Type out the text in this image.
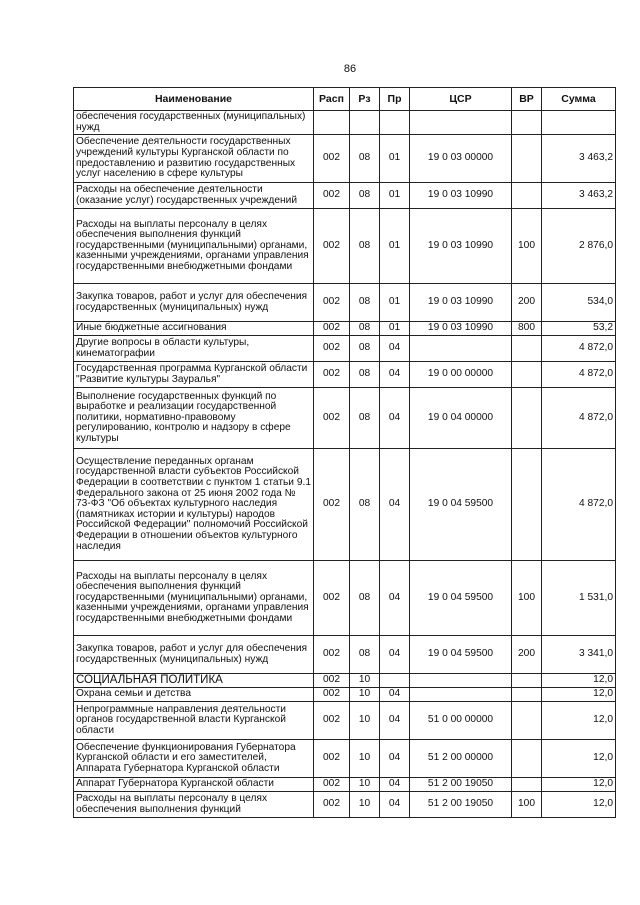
86
Наименование	Расп	Рз	Пр	ЦСР	ВР	Сумма
обеспечения государственных (муниципальных) нужд						
Обеспечение деятельности государственных учреждений культуры Курганской области по предоставлению и развитию государственных услуг населению в сфере культуры	002	08	01	19 0 03 00000		3 463,2
Расходы на обеспечение деятельности (оказание услуг) государственных учреждений	002	08	01	19 0 03 10990		3 463,2
Расходы на выплаты персоналу в целях обеспечения выполнения функций государственными (муниципальными) органами, казенными учреждениями, органами управления государственными внебюджетными фондами	002	08	01	19 0 03 10990	100	2 876,0
Закупка товаров, работ и услуг для обеспечения государственных (муниципальных) нужд	002	08	01	19 0 03 10990	200	534,0
Иные бюджетные ассигнования	002	08	01	19 0 03 10990	800	53,2
Другие вопросы в области культуры, кинематографии	002	08	04			4 872,0
Государственная программа Курганской области "Развитие культуры Зауралья"	002	08	04	19 0 00 00000		4 872,0
Выполнение государственных функций по выработке и реализации государственной политики, нормативно-правовому регулированию, контролю и надзору в сфере культуры	002	08	04	19 0 04 00000		4 872,0
Осуществление переданных органам государственной власти субъектов Российской Федерации в соответствии с пунктом 1 статьи 9.1 Федерального закона от 25 июня 2002 года № 73-ФЗ "Об объектах культурного наследия (памятниках истории и культуры) народов Российской Федерации" полномочий Российской Федерации в отношении объектов культурного наследия	002	08	04	19 0 04 59500		4 872,0
Расходы на выплаты персоналу в целях обеспечения выполнения функций государственными (муниципальными) органами, казенными учреждениями, органами управления государственными внебюджетными фондами	002	08	04	19 0 04 59500	100	1 531,0
Закупка товаров, работ и услуг для обеспечения государственных (муниципальных) нужд	002	08	04	19 0 04 59500	200	3 341,0
СОЦИАЛЬНАЯ ПОЛИТИКА	002	10				12,0
Охрана семьи и детства	002	10	04			12,0
Непрограммные направления деятельности органов государственной власти Курганской области	002	10	04	51 0 00 00000		12,0
Обеспечение функционирования Губернатора Курганской области и его заместителей, Аппарата Губернатора Курганской области	002	10	04	51 2 00 00000		12,0
Аппарат Губернатора Курганской области	002	10	04	51 2 00 19050		12,0
Расходы на выплаты персоналу в целях обеспечения выполнения функций	002	10	04	51 2 00 19050	100	12,0
